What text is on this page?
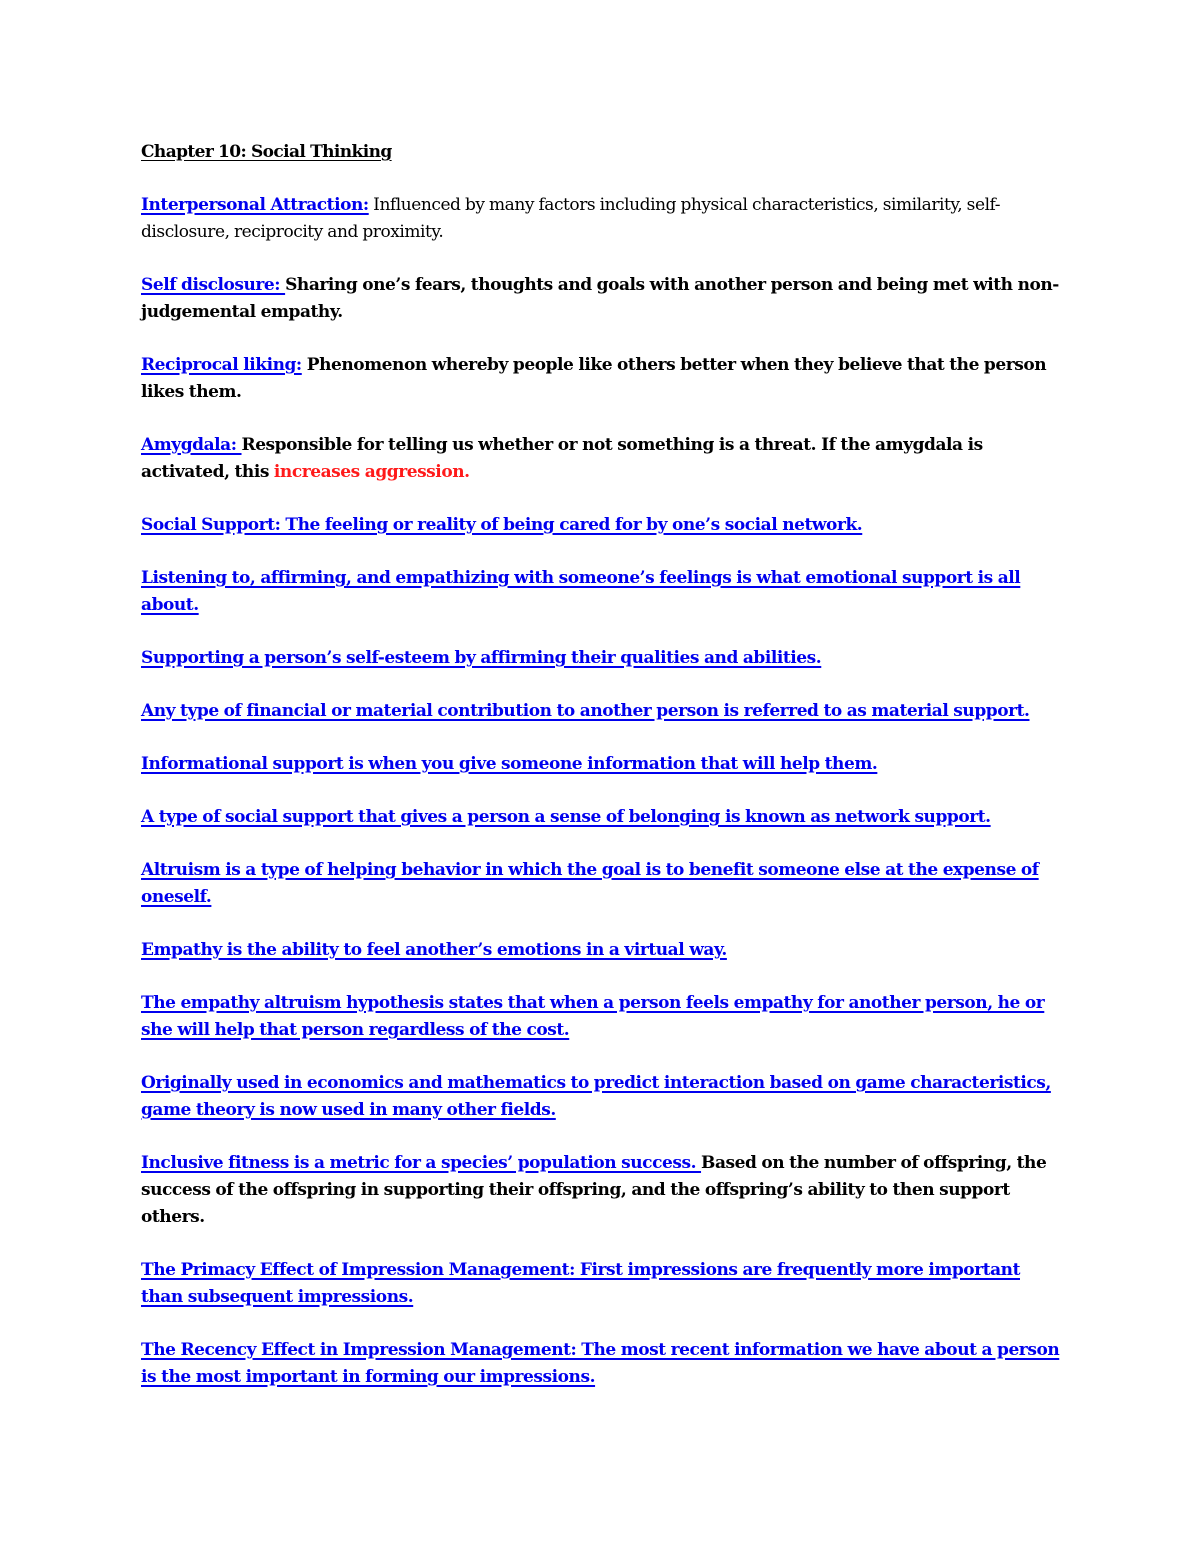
Chapter 10: Social Thinking

Interpersonal Attraction: Influenced by many factors including physical characteristics, similarity, self-disclosure, reciprocity and proximity.

Self disclosure: Sharing one’s fears, thoughts and goals with another person and being met with non-judgemental empathy.

Reciprocal liking: Phenomenon whereby people like others better when they believe that the person likes them.

Amygdala: Responsible for telling us whether or not something is a threat. If the amygdala is activated, this increases aggression.

Social Support: The feeling or reality of being cared for by one’s social network.

Listening to, affirming, and empathizing with someone’s feelings is what emotional support is all about.

Supporting a person’s self-esteem by affirming their qualities and abilities.

Any type of financial or material contribution to another person is referred to as material support.

Informational support is when you give someone information that will help them.

A type of social support that gives a person a sense of belonging is known as network support.

Altruism is a type of helping behavior in which the goal is to benefit someone else at the expense of oneself.

Empathy is the ability to feel another’s emotions in a virtual way.

The empathy altruism hypothesis states that when a person feels empathy for another person, he or she will help that person regardless of the cost.

Originally used in economics and mathematics to predict interaction based on game characteristics, game theory is now used in many other fields.

Inclusive fitness is a metric for a species’ population success. Based on the number of offspring, the success of the offspring in supporting their offspring, and the offspring’s ability to then support others.

The Primacy Effect of Impression Management: First impressions are frequently more important than subsequent impressions.

The Recency Effect in Impression Management: The most recent information we have about a person is the most important in forming our impressions.
